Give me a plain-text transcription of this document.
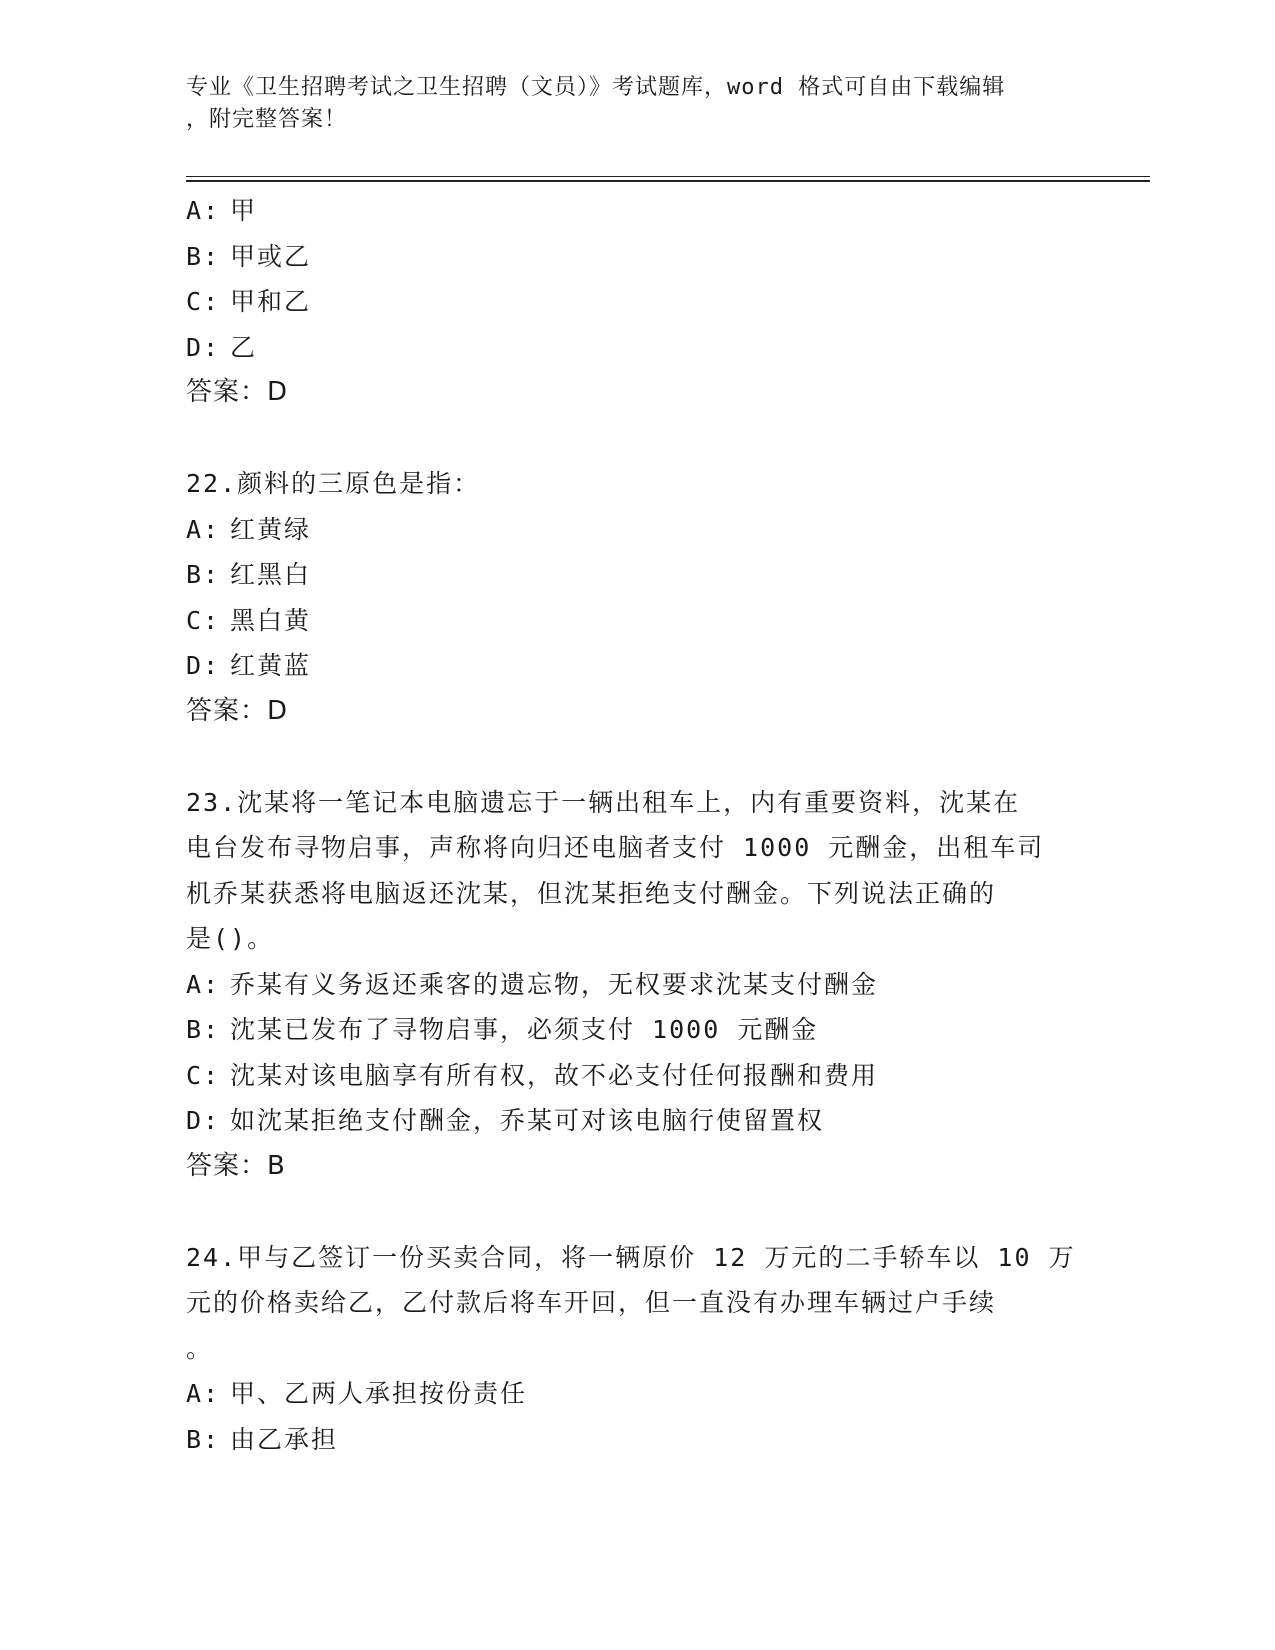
专业《卫生招聘考试之卫生招聘（文员）》考试题库，word 格式可自由下载编辑
，附完整答案！
A: 甲
B: 甲或乙
C: 甲和乙
D: 乙
答案：D
22.颜料的三原色是指：
A: 红黄绿
B: 红黑白
C: 黑白黄
D: 红黄蓝
答案：D
23.沈某将一笔记本电脑遗忘于一辆出租车上，内有重要资料，沈某在
电台发布寻物启事，声称将向归还电脑者支付 1000 元酬金，出租车司
机乔某获悉将电脑返还沈某，但沈某拒绝支付酬金。下列说法正确的
是()。
A: 乔某有义务返还乘客的遗忘物，无权要求沈某支付酬金
B: 沈某已发布了寻物启事，必须支付 1000 元酬金
C: 沈某对该电脑享有所有权，故不必支付任何报酬和费用
D: 如沈某拒绝支付酬金，乔某可对该电脑行使留置权
答案：B
24.甲与乙签订一份买卖合同，将一辆原价 12 万元的二手轿车以 10 万
元的价格卖给乙，乙付款后将车开回，但一直没有办理车辆过户手续
。
A: 甲、乙两人承担按份责任
B: 由乙承担
